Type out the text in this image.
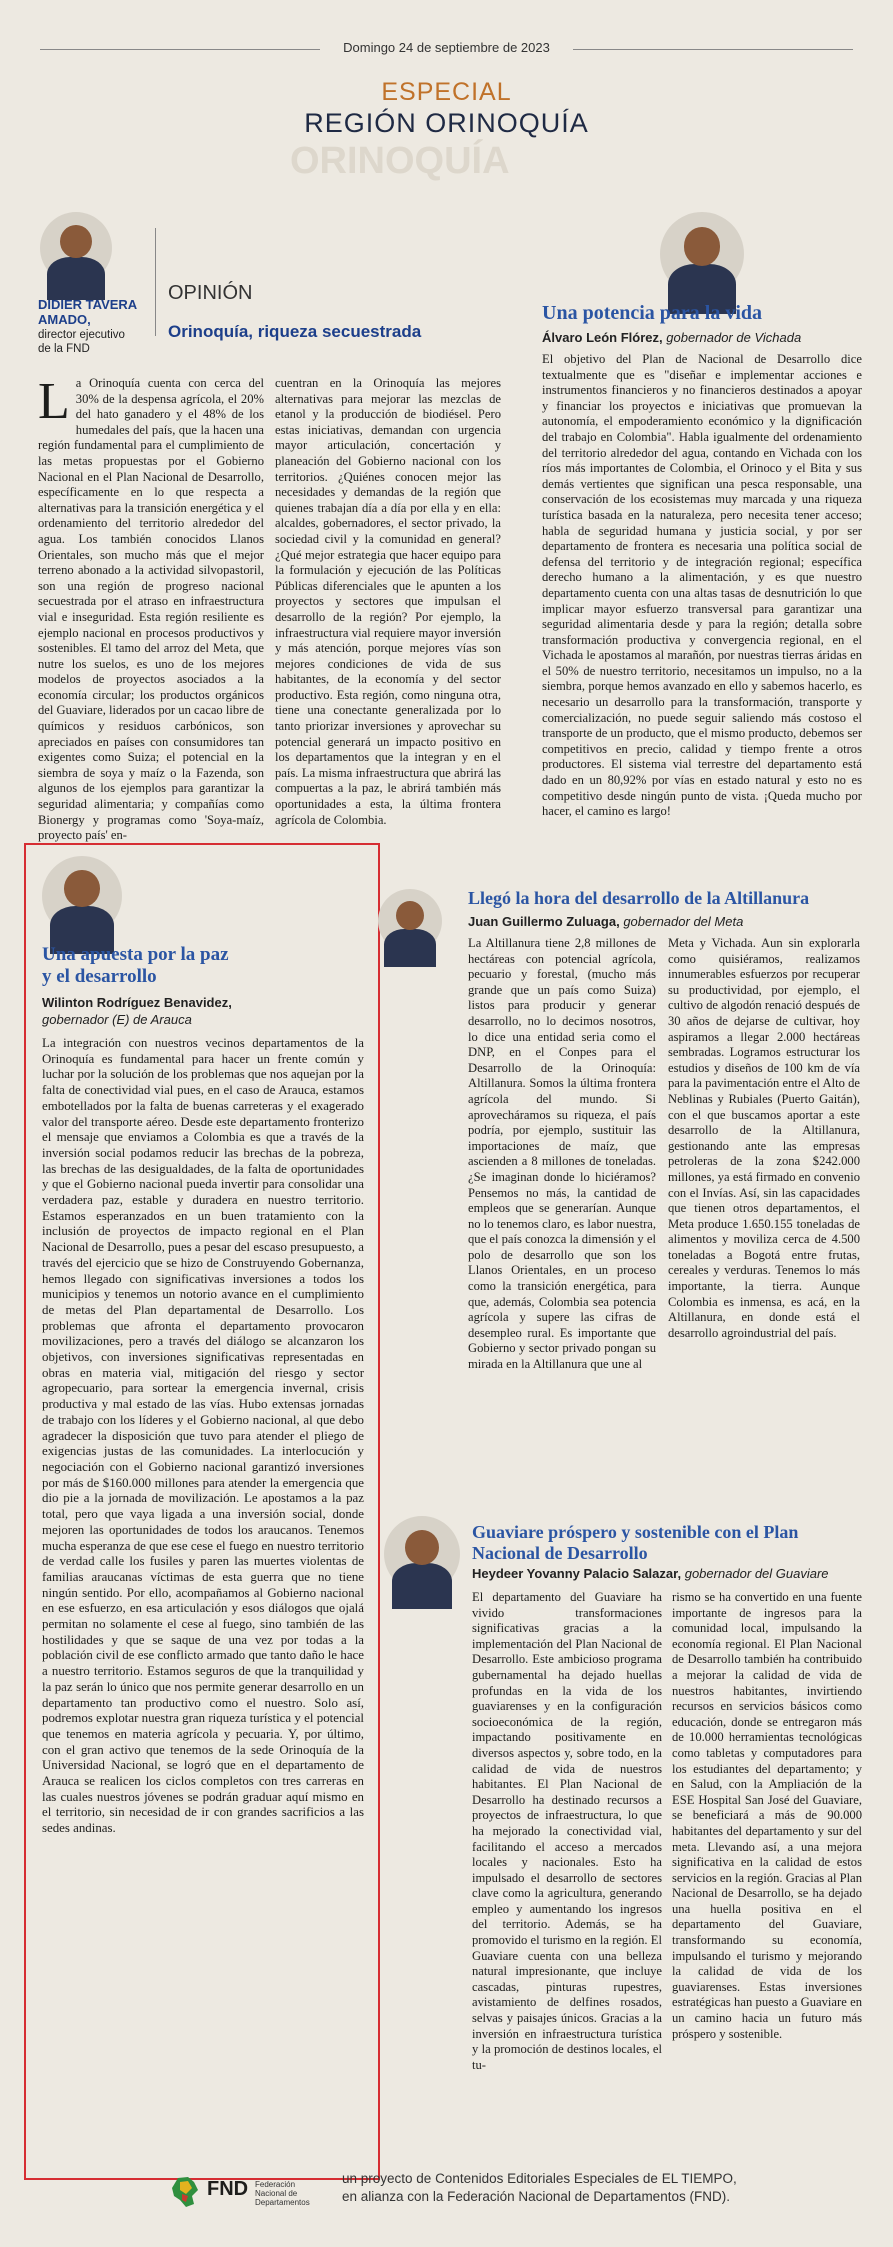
Domingo 24 de septiembre de 2023
ESPECIAL
REGIÓN ORINOQUÍA
ORINOQUÍA
DIDIER TAVERA AMADO,
director ejecutivo de la FND
OPINIÓN
Orinoquía, riqueza secuestrada
La Orinoquía cuenta con cerca del 30% de la despensa agrícola, el 20% del hato ganadero y el 48% de los humedales del país, que la hacen una región fundamental para el cumplimiento de las metas propuestas por el Gobierno Nacional en el Plan Nacional de Desarrollo, específicamente en lo que respecta a alternativas para la transición energética y el ordenamiento del territorio alrededor del agua. Los también conocidos Llanos Orientales, son mucho más que el mejor terreno abonado a la actividad silvopastoril, son una región de progreso nacional secuestrada por el atraso en infraestructura vial e inseguridad. Esta región resiliente es ejemplo nacional en procesos productivos y sostenibles. El tamo del arroz del Meta, que nutre los suelos, es uno de los mejores modelos de proyectos asociados a la economía circular; los productos orgánicos del Guaviare, liderados por un cacao libre de químicos y residuos carbónicos, son apreciados en países con consumidores tan exigentes como Suiza; el potencial en la siembra de soya y maíz o la Fazenda, son algunos de los ejemplos para garantizar la seguridad alimentaria; y compañías como Bionergy y programas como 'Soya-maíz, proyecto país' en-
cuentran en la Orinoquía las mejores alternativas para mejorar las mezclas de etanol y la producción de biodiésel. Pero estas iniciativas, demandan con urgencia mayor articulación, concertación y planeación del Gobierno nacional con los territorios. ¿Quiénes conocen mejor las necesidades y demandas de la región que quienes trabajan día a día por ella y en ella: alcaldes, gobernadores, el sector privado, la sociedad civil y la comunidad en general? ¿Qué mejor estrategia que hacer equipo para la formulación y ejecución de las Políticas Públicas diferenciales que le apunten a los proyectos y sectores que impulsan el desarrollo de la región? Por ejemplo, la infraestructura vial requiere mayor inversión y más atención, porque mejores vías son mejores condiciones de vida de sus habitantes, de la economía y del sector productivo. Esta región, como ninguna otra, tiene una conectante generalizada por lo tanto priorizar inversiones y aprovechar su potencial generará un impacto positivo en los departamentos que la integran y en el país. La misma infraestructura que abrirá las compuertas a la paz, le abrirá también más oportunidades a esta, la última frontera agrícola de Colombia.
Una potencia para la vida
Álvaro León Flórez, gobernador de Vichada
El objetivo del Plan de Nacional de Desarrollo dice textualmente que es "diseñar e implementar acciones e instrumentos financieros y no financieros destinados a apoyar y financiar los proyectos e iniciativas que promuevan la autonomía, el empoderamiento económico y la dignificación del trabajo en Colombia". Habla igualmente del ordenamiento del territorio alrededor del agua, contando en Vichada con los ríos más importantes de Colombia, el Orinoco y el Bita y sus demás vertientes que significan una pesca responsable, una conservación de los ecosistemas muy marcada y una riqueza turística basada en la naturaleza, pero necesita tener acceso; habla de seguridad humana y justicia social, y por ser departamento de frontera es necesaria una política social de defensa del territorio y de integración regional; específica derecho humano a la alimentación, y es que nuestro departamento cuenta con una altas tasas de desnutrición lo que implicar mayor esfuerzo transversal para garantizar una seguridad alimentaria desde y para la región; detalla sobre transformación productiva y convergencia regional, en el Vichada le apostamos al marañón, por nuestras tierras áridas en el 50% de nuestro territorio, necesitamos un impulso, no a la siembra, porque hemos avanzado en ello y sabemos hacerlo, es necesario un desarrollo para la transformación, transporte y comercialización, no puede seguir saliendo más costoso el transporte de un producto, que el mismo producto, debemos ser competitivos en precio, calidad y tiempo frente a otros productores. El sistema vial terrestre del departamento está dado en un 80,92% por vías en estado natural y esto no es competitivo desde ningún punto de vista. ¡Queda mucho por hacer, el camino es largo!
Una apuesta por la paz y el desarrollo
Wilinton Rodríguez Benavidez,
gobernador (E) de Arauca
La integración con nuestros vecinos departamentos de la Orinoquía es fundamental para hacer un frente común y luchar por la solución de los problemas que nos aquejan por la falta de conectividad vial pues, en el caso de Arauca, estamos embotellados por la falta de buenas carreteras y el exagerado valor del transporte aéreo. Desde este departamento fronterizo el mensaje que enviamos a Colombia es que a través de la inversión social podamos reducir las brechas de la pobreza, las brechas de las desigualdades, de la falta de oportunidades y que el Gobierno nacional pueda invertir para consolidar una verdadera paz, estable y duradera en nuestro territorio. Estamos esperanzados en un buen tratamiento con la inclusión de proyectos de impacto regional en el Plan Nacional de Desarrollo, pues a pesar del escaso presupuesto, a través del ejercicio que se hizo de Construyendo Gobernanza, hemos llegado con significativas inversiones a todos los municipios y tenemos un notorio avance en el cumplimiento de metas del Plan departamental de Desarrollo. Los problemas que afronta el departamento provocaron movilizaciones, pero a través del diálogo se alcanzaron los objetivos, con inversiones significativas representadas en obras en materia vial, mitigación del riesgo y sector agropecuario, para sortear la emergencia invernal, crisis productiva y mal estado de las vías. Hubo extensas jornadas de trabajo con los líderes y el Gobierno nacional, al que debo agradecer la disposición que tuvo para atender el pliego de exigencias justas de las comunidades. La interlocución y negociación con el Gobierno nacional garantizó inversiones por más de $160.000 millones para atender la emergencia que dio pie a la jornada de movilización. Le apostamos a la paz total, pero que vaya ligada a una inversión social, donde mejoren las oportunidades de todos los araucanos. Tenemos mucha esperanza de que ese cese el fuego en nuestro territorio de verdad calle los fusiles y paren las muertes violentas de familias araucanas víctimas de esta guerra que no tiene ningún sentido. Por ello, acompañamos al Gobierno nacional en ese esfuerzo, en esa articulación y esos diálogos que ojalá permitan no solamente el cese al fuego, sino también de las hostilidades y que se saque de una vez por todas a la población civil de ese conflicto armado que tanto daño le hace a nuestro territorio. Estamos seguros de que la tranquilidad y la paz serán lo único que nos permite generar desarrollo en un departamento tan productivo como el nuestro. Solo así, podremos explotar nuestra gran riqueza turística y el potencial que tenemos en materia agrícola y pecuaria. Y, por último, con el gran activo que tenemos de la sede Orinoquía de la Universidad Nacional, se logró que en el departamento de Arauca se realicen los ciclos completos con tres carreras en las cuales nuestros jóvenes se podrán graduar aquí mismo en el territorio, sin necesidad de ir con grandes sacrificios a las sedes andinas.
Llegó la hora del desarrollo de la Altillanura
Juan Guillermo Zuluaga, gobernador del Meta
La Altillanura tiene 2,8 millones de hectáreas con potencial agrícola, pecuario y forestal, (mucho más grande que un país como Suiza) listos para producir y generar desarrollo, no lo decimos nosotros, lo dice una entidad seria como el DNP, en el Conpes para el Desarrollo de la Orinoquía: Altillanura. Somos la última frontera agrícola del mundo. Si aprovecháramos su riqueza, el país podría, por ejemplo, sustituir las importaciones de maíz, que ascienden a 8 millones de toneladas. ¿Se imaginan donde lo hiciéramos? Pensemos no más, la cantidad de empleos que se generarían. Aunque no lo tenemos claro, es labor nuestra, que el país conozca la dimensión y el polo de desarrollo que son los Llanos Orientales, en un proceso como la transición energética, para que, además, Colombia sea potencia agrícola y supere las cifras de desempleo rural. Es importante que Gobierno y sector privado pongan su mirada en la Altillanura que une al
Meta y Vichada. Aun sin explorarla como quisiéramos, realizamos innumerables esfuerzos por recuperar su productividad, por ejemplo, el cultivo de algodón renació después de 30 años de dejarse de cultivar, hoy aspiramos a llegar 2.000 hectáreas sembradas. Logramos estructurar los estudios y diseños de 100 km de vía para la pavimentación entre el Alto de Neblinas y Rubiales (Puerto Gaitán), con el que buscamos aportar a este desarrollo de la Altillanura, gestionando ante las empresas petroleras de la zona $242.000 millones, ya está firmado en convenio con el Invías. Así, sin las capacidades que tienen otros departamentos, el Meta produce 1.650.155 toneladas de alimentos y moviliza cerca de 4.500 toneladas a Bogotá entre frutas, cereales y verduras. Tenemos lo más importante, la tierra. Aunque Colombia es inmensa, es acá, en la Altillanura, en donde está el desarrollo agroindustrial del país.
Guaviare próspero y sostenible con el Plan Nacional de Desarrollo
Heydeer Yovanny Palacio Salazar, gobernador del Guaviare
El departamento del Guaviare ha vivido transformaciones significativas gracias a la implementación del Plan Nacional de Desarrollo. Este ambicioso programa gubernamental ha dejado huellas profundas en la vida de los guaviarenses y en la configuración socioeconómica de la región, impactando positivamente en diversos aspectos y, sobre todo, en la calidad de vida de nuestros habitantes. El Plan Nacional de Desarrollo ha destinado recursos a proyectos de infraestructura, lo que ha mejorado la conectividad vial, facilitando el acceso a mercados locales y nacionales. Esto ha impulsado el desarrollo de sectores clave como la agricultura, generando empleo y aumentando los ingresos del territorio. Además, se ha promovido el turismo en la región. El Guaviare cuenta con una belleza natural impresionante, que incluye cascadas, pinturas rupestres, avistamiento de delfines rosados, selvas y paisajes únicos. Gracias a la inversión en infraestructura turística y la promoción de destinos locales, el tu-
rismo se ha convertido en una fuente importante de ingresos para la comunidad local, impulsando la economía regional. El Plan Nacional de Desarrollo también ha contribuido a mejorar la calidad de vida de nuestros habitantes, invirtiendo recursos en servicios básicos como educación, donde se entregaron más de 10.000 herramientas tecnológicas como tabletas y computadores para los estudiantes del departamento; y en Salud, con la Ampliación de la ESE Hospital San José del Guaviare, se beneficiará a más de 90.000 habitantes del departamento y sur del meta. Llevando así, a una mejora significativa en la calidad de estos servicios en la región. Gracias al Plan Nacional de Desarrollo, se ha dejado una huella positiva en el departamento del Guaviare, transformando su economía, impulsando el turismo y mejorando la calidad de vida de los guaviarenses. Estas inversiones estratégicas han puesto a Guaviare en un camino hacia un futuro más próspero y sostenible.
FND Federación Nacional de Departamentos
un proyecto de Contenidos Editoriales Especiales de EL TIEMPO,
en alianza con la Federación Nacional de Departamentos (FND).
